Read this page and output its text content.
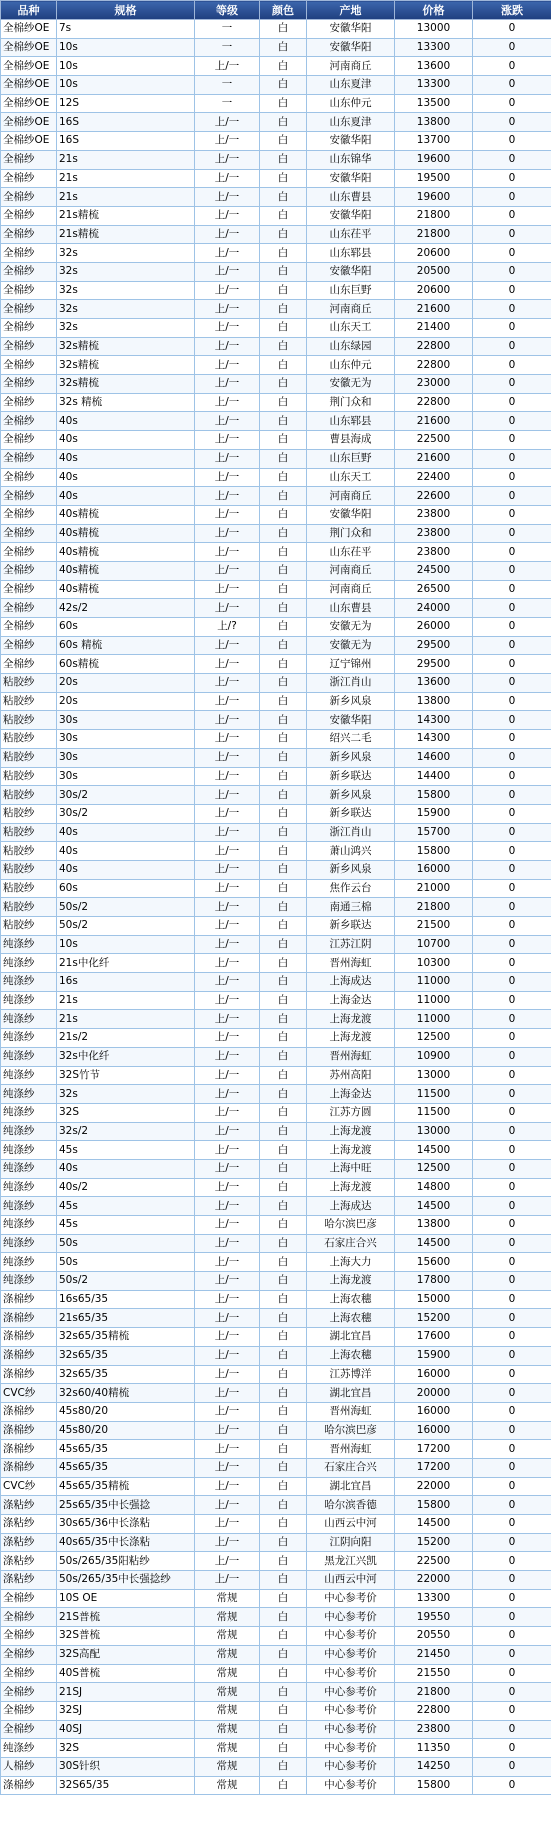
品种	规格	等级	颜色	产地	价格	涨跌
全棉纱OE	7s	一	白	安徽华阳	13000	0
全棉纱OE	10s	一	白	安徽华阳	13300	0
全棉纱OE	10s	上/一	白	河南商丘	13600	0
全棉纱OE	10s	一	白	山东夏津	13300	0
全棉纱OE	12S	一	白	山东仲元	13500	0
全棉纱OE	16S	上/一	白	山东夏津	13800	0
全棉纱OE	16S	上/一	白	安徽华阳	13700	0
全棉纱	21s	上/一	白	山东锦华	19600	0
全棉纱	21s	上/一	白	安徽华阳	19500	0
全棉纱	21s	上/一	白	山东曹县	19600	0
全棉纱	21s精梳	上/一	白	安徽华阳	21800	0
全棉纱	21s精梳	上/一	白	山东茌平	21800	0
全棉纱	32s	上/一	白	山东郓县	20600	0
全棉纱	32s	上/一	白	安徽华阳	20500	0
全棉纱	32s	上/一	白	山东巨野	20600	0
全棉纱	32s	上/一	白	河南商丘	21600	0
全棉纱	32s	上/一	白	山东天工	21400	0
全棉纱	32s精梳	上/一	白	山东绿园	22800	0
全棉纱	32s精梳	上/一	白	山东仲元	22800	0
全棉纱	32s精梳	上/一	白	安徽无为	23000	0
全棉纱	32s 精梳	上/一	白	荆门众和	22800	0
全棉纱	40s	上/一	白	山东郓县	21600	0
全棉纱	40s	上/一	白	曹县海成	22500	0
全棉纱	40s	上/一	白	山东巨野	21600	0
全棉纱	40s	上/一	白	山东天工	22400	0
全棉纱	40s	上/一	白	河南商丘	22600	0
全棉纱	40s精梳	上/一	白	安徽华阳	23800	0
全棉纱	40s精梳	上/一	白	荆门众和	23800	0
全棉纱	40s精梳	上/一	白	山东茌平	23800	0
全棉纱	40s精梳	上/一	白	河南商丘	24500	0
全棉纱	40s精梳	上/一	白	河南商丘	26500	0
全棉纱	42s/2	上/一	白	山东曹县	24000	0
全棉纱	60s	上/?	白	安徽无为	26000	0
全棉纱	60s 精梳	上/一	白	安徽无为	29500	0
全棉纱	60s精梳	上/一	白	辽宁锦州	29500	0
粘胶纱	20s	上/一	白	浙江肖山	13600	0
粘胶纱	20s	上/一	白	新乡风泉	13800	0
粘胶纱	30s	上/一	白	安徽华阳	14300	0
粘胶纱	30s	上/一	白	绍兴二毛	14300	0
粘胶纱	30s	上/一	白	新乡风泉	14600	0
粘胶纱	30s	上/一	白	新乡联达	14400	0
粘胶纱	30s/2	上/一	白	新乡风泉	15800	0
粘胶纱	30s/2	上/一	白	新乡联达	15900	0
粘胶纱	40s	上/一	白	浙江肖山	15700	0
粘胶纱	40s	上/一	白	萧山鸿兴	15800	0
粘胶纱	40s	上/一	白	新乡风泉	16000	0
粘胶纱	60s	上/一	白	焦作云台	21000	0
粘胶纱	50s/2	上/一	白	南通三棉	21800	0
粘胶纱	50s/2	上/一	白	新乡联达	21500	0
纯涤纱	10s	上/一	白	江苏江阴	10700	0
纯涤纱	21s中化纤	上/一	白	晋州海虹	10300	0
纯涤纱	16s	上/一	白	上海成达	11000	0
纯涤纱	21s	上/一	白	上海金达	11000	0
纯涤纱	21s	上/一	白	上海龙渡	11000	0
纯涤纱	21s/2	上/一	白	上海龙渡	12500	0
纯涤纱	32s中化纤	上/一	白	晋州海虹	10900	0
纯涤纱	32S竹节	上/一	白	苏州高阳	13000	0
纯涤纱	32s	上/一	白	上海金达	11500	0
纯涤纱	32S	上/一	白	江苏方圆	11500	0
纯涤纱	32s/2	上/一	白	上海龙渡	13000	0
纯涤纱	45s	上/一	白	上海龙渡	14500	0
纯涤纱	40s	上/一	白	上海中旺	12500	0
纯涤纱	40s/2	上/一	白	上海龙渡	14800	0
纯涤纱	45s	上/一	白	上海成达	14500	0
纯涤纱	45s	上/一	白	哈尔滨巴彦	13800	0
纯涤纱	50s	上/一	白	石家庄合兴	14500	0
纯涤纱	50s	上/一	白	上海大力	15600	0
纯涤纱	50s/2	上/一	白	上海龙渡	17800	0
涤棉纱	16s65/35	上/一	白	上海农穗	15000	0
涤棉纱	21s65/35	上/一	白	上海农穗	15200	0
涤棉纱	32s65/35精梳	上/一	白	湖北宜昌	17600	0
涤棉纱	32s65/35	上/一	白	上海农穗	15900	0
涤棉纱	32s65/35	上/一	白	江苏博洋	16000	0
CVC纱	32s60/40精梳	上/一	白	湖北宜昌	20000	0
涤棉纱	45s80/20	上/一	白	晋州海虹	16000	0
涤棉纱	45s80/20	上/一	白	哈尔滨巴彦	16000	0
涤棉纱	45s65/35	上/一	白	晋州海虹	17200	0
涤棉纱	45s65/35	上/一	白	石家庄合兴	17200	0
CVC纱	45s65/35精梳	上/一	白	湖北宜昌	22000	0
涤粘纱	25s65/35中长强捻	上/一	白	哈尔滨香德	15800	0
涤粘纱	30s65/36中长涤粘	上/一	白	山西云中河	14500	0
涤粘纱	40s65/35中长涤粘	上/一	白	江阴向阳	15200	0
涤粘纱	50s/265/35阳粘纱	上/一	白	黑龙江兴凯	22500	0
涤粘纱	50s/265/35中长强捻纱	上/一	白	山西云中河	22000	0
全棉纱	10S OE	常规	白	中心参考价	13300	0
全棉纱	21S普梳	常规	白	中心参考价	19550	0
全棉纱	32S普梳	常规	白	中心参考价	20550	0
全棉纱	32S高配	常规	白	中心参考价	21450	0
全棉纱	40S普梳	常规	白	中心参考价	21550	0
全棉纱	21SJ	常规	白	中心参考价	21800	0
全棉纱	32SJ	常规	白	中心参考价	22800	0
全棉纱	40SJ	常规	白	中心参考价	23800	0
纯涤纱	32S	常规	白	中心参考价	11350	0
人棉纱	30S针织	常规	白	中心参考价	14250	0
涤棉纱	32S65/35	常规	白	中心参考价	15800	0
